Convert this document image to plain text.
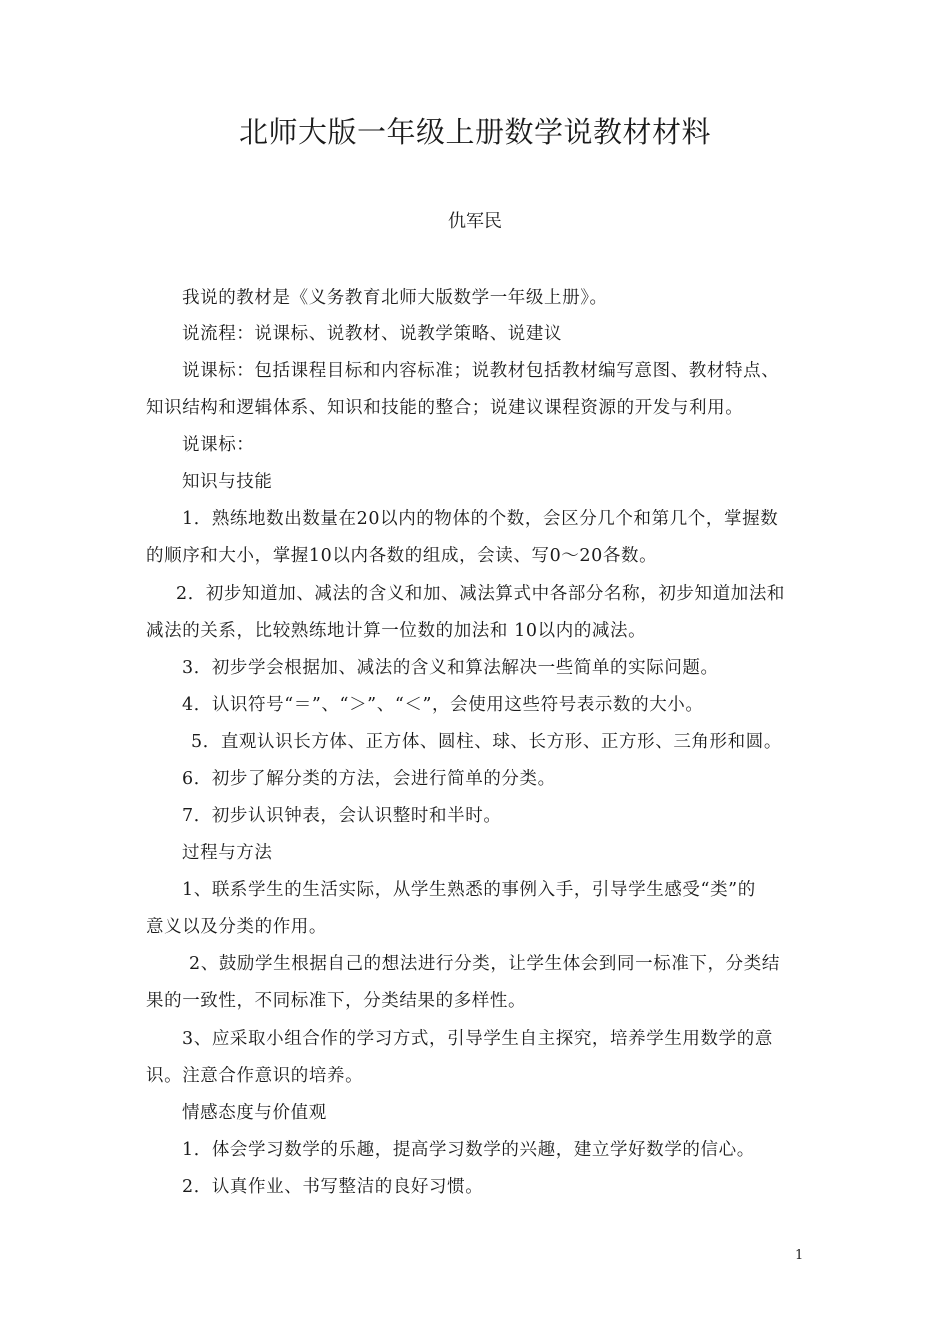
北师大版一年级上册数学说教材材料
仇军民
我说的教材是《义务教育北师大版数学一年级上册》。
说流程：说课标、说教材、说教学策略、说建议
说课标：包括课程目标和内容标准；说教材包括教材编写意图、教材特点、
知识结构和逻辑体系、知识和技能的整合；说建议课程资源的开发与利用。
说课标：
知识与技能
1．熟练地数出数量在20以内的物体的个数，会区分几个和第几个，掌握数
的顺序和大小，掌握10以内各数的组成，会读、写0～20各数。
2．初步知道加、减法的含义和加、减法算式中各部分名称，初步知道加法和
减法的关系，比较熟练地计算一位数的加法和 10以内的减法。
3．初步学会根据加、减法的含义和算法解决一些简单的实际问题。
4．认识符号“＝”、“＞”、“＜”，会使用这些符号表示数的大小。
5．直观认识长方体、正方体、圆柱、球、长方形、正方形、三角形和圆。
6．初步了解分类的方法，会进行简单的分类。
7．初步认识钟表，会认识整时和半时。
过程与方法
1、联系学生的生活实际，从学生熟悉的事例入手，引导学生感受“类”的
意义以及分类的作用。
2、鼓励学生根据自己的想法进行分类，让学生体会到同一标准下，分类结
果的一致性，不同标准下，分类结果的多样性。
3、应采取小组合作的学习方式，引导学生自主探究，培养学生用数学的意
识。注意合作意识的培养。
情感态度与价值观
1．体会学习数学的乐趣，提高学习数学的兴趣，建立学好数学的信心。
2．认真作业、书写整洁的良好习惯。
1
